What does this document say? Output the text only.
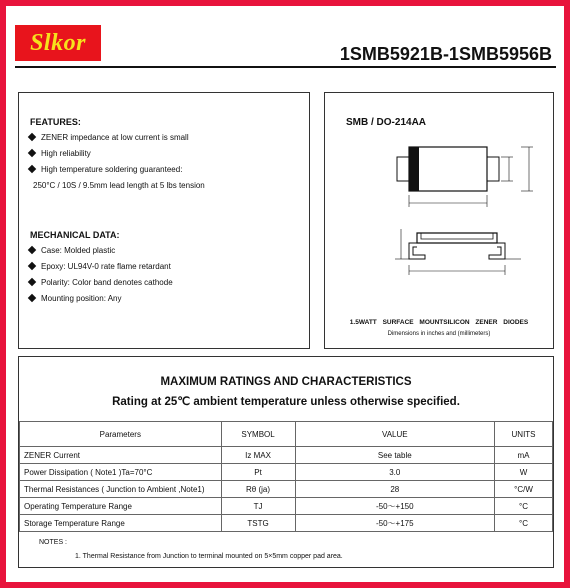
Slkor	1SMB5921B-1SMB5956B
FEATURES:
ZENER impedance at low current is small
High reliability
High temperature soldering guaranteed:
250°C / 10S / 9.5mm lead length at 5 lbs tension
MECHANICAL DATA:
Case: Molded plastic
Epoxy: UL94V-0 rate flame retardant
Polarity: Color band denotes cathode
Mounting position: Any
SMB / DO-214AA
1.5WATT SURFACE MOUNTSILICON ZENER DIODES
Dimensions in inches and (millimeters)
MAXIMUM RATINGS AND CHARACTERISTICS
Rating at 25℃ ambient temperature unless otherwise specified.
Parameters	SYMBOL	VALUE	UNITS
ZENER Current	Iz MAX	See table	mA
Power Dissipation ( Note1 )Ta=70°C	Pt	3.0	W
Thermal Resistances ( Junction to Ambient ,Note1)	Rθ (ja)	28	°C/W
Operating Temperature Range	TJ	-50～+150	°C
Storage Temperature Range	TSTG	-50～+175	°C
NOTES :
1. Thermal Resistance from Junction to terminal mounted on 5×5mm copper pad area.
